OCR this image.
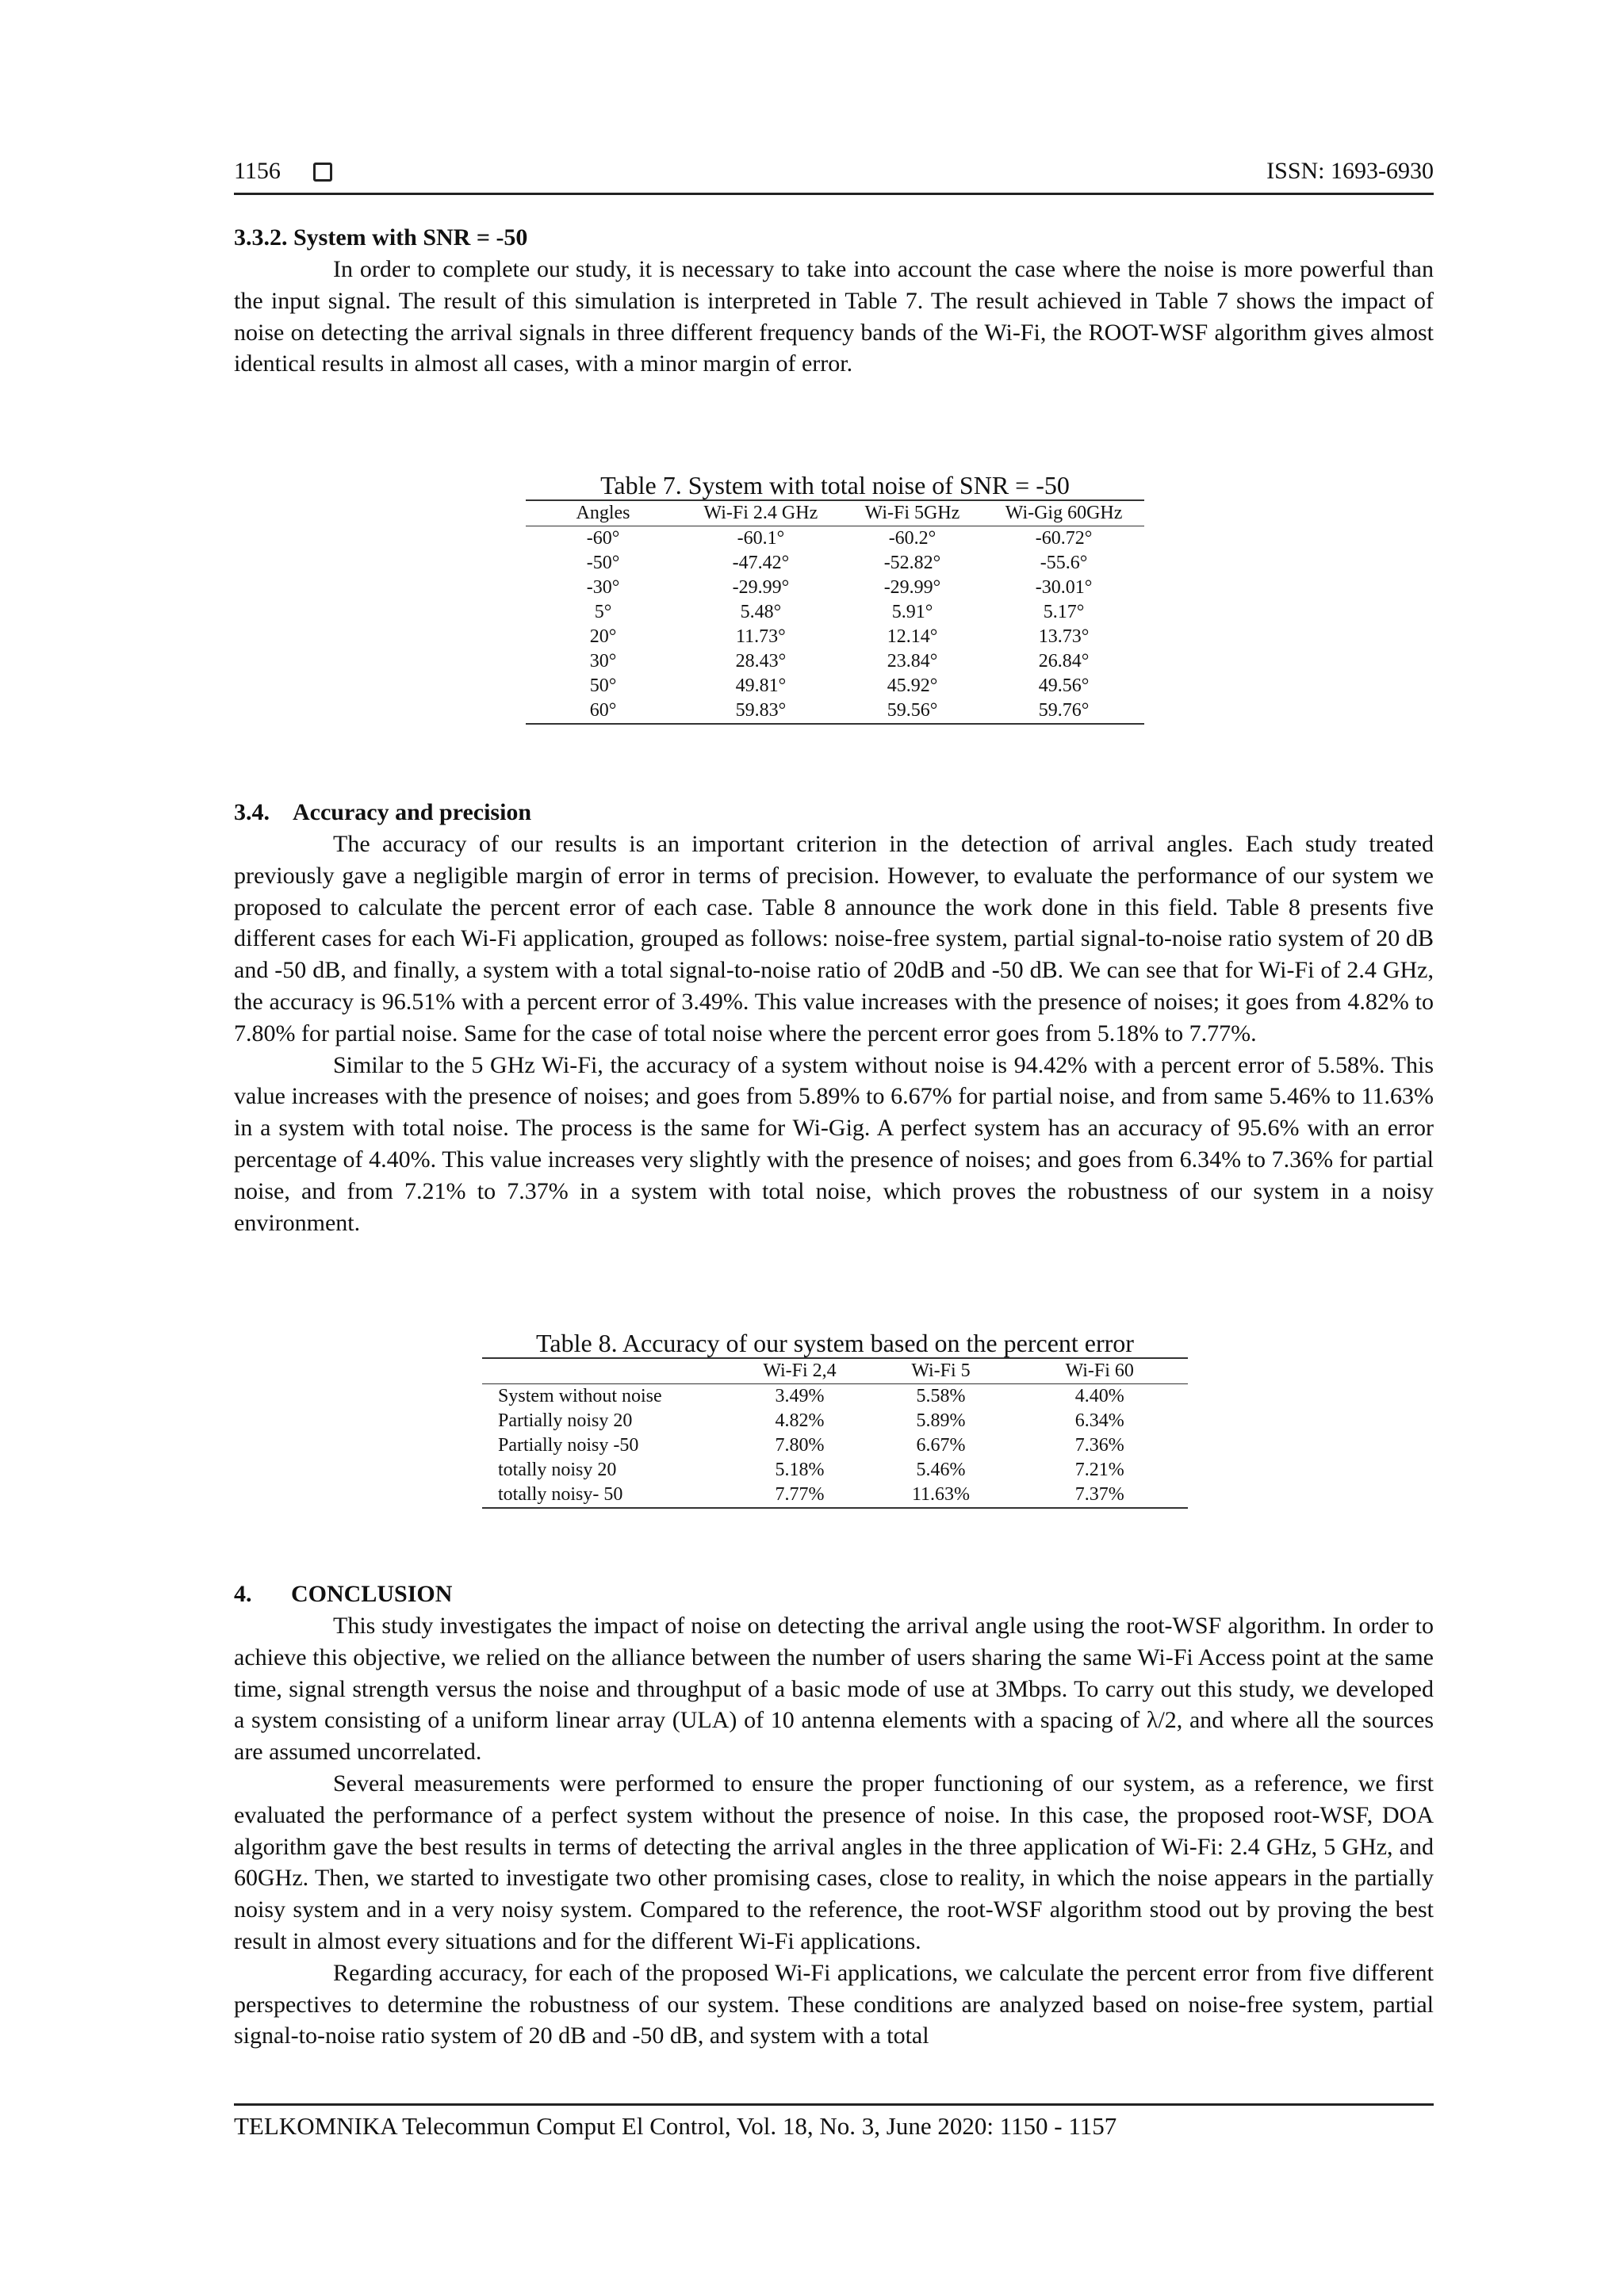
1156	ISSN: 1693-6930
3.3.2. System with SNR = -50

In order to complete our study, it is necessary to take into account the case where the noise is more powerful than the input signal. The result of this simulation is interpreted in Table 7. The result achieved in Table 7 shows the impact of noise on detecting the arrival signals in three different frequency bands of the Wi-Fi, the ROOT-WSF algorithm gives almost identical results in almost all cases, with a minor margin of error.

Table 7. System with total noise of SNR = -50
Angles	Wi-Fi 2.4 GHz	Wi-Fi 5GHz	Wi-Gig 60GHz
-60°	-60.1°	-60.2°	-60.72°
-50°	-47.42°	-52.82°	-55.6°
-30°	-29.99°	-29.99°	-30.01°
5°	5.48°	5.91°	5.17°
20°	11.73°	12.14°	13.73°
30°	28.43°	23.84°	26.84°
50°	49.81°	45.92°	49.56°
60°	59.83°	59.56°	59.76°
3.4. Accuracy and precision

The accuracy of our results is an important criterion in the detection of arrival angles. Each study treated previously gave a negligible margin of error in terms of precision. However, to evaluate the performance of our system we proposed to calculate the percent error of each case. Table 8 announce the work done in this field. Table 8 presents five different cases for each Wi-Fi application, grouped as follows: noise-free system, partial signal-to-noise ratio system of 20 dB and -50 dB, and finally, a system with a total signal-to-noise ratio of 20dB and -50 dB. We can see that for Wi-Fi of 2.4 GHz, the accuracy is 96.51% with a percent error of 3.49%. This value increases with the presence of noises; it goes from 4.82% to 7.80% for partial noise. Same for the case of total noise where the percent error goes from 5.18% to 7.77%.

Similar to the 5 GHz Wi-Fi, the accuracy of a system without noise is 94.42% with a percent error of 5.58%. This value increases with the presence of noises; and goes from 5.89% to 6.67% for partial noise, and from same 5.46% to 11.63% in a system with total noise. The process is the same for Wi-Gig. A perfect system has an accuracy of 95.6% with an error percentage of 4.40%. This value increases very slightly with the presence of noises; and goes from 6.34% to 7.36% for partial noise, and from 7.21% to 7.37% in a system with total noise, which proves the robustness of our system in a noisy environment.

Table 8. Accuracy of our system based on the percent error
	Wi-Fi 2,4	Wi-Fi 5	Wi-Fi 60
System without noise	3.49%	5.58%	4.40%
Partially noisy 20	4.82%	5.89%	6.34%
Partially noisy -50	7.80%	6.67%	7.36%
totally noisy 20	5.18%	5.46%	7.21%
totally noisy- 50	7.77%	11.63%	7.37%
4. CONCLUSION

This study investigates the impact of noise on detecting the arrival angle using the root-WSF algorithm. In order to achieve this objective, we relied on the alliance between the number of users sharing the same Wi-Fi Access point at the same time, signal strength versus the noise and throughput of a basic mode of use at 3Mbps. To carry out this study, we developed a system consisting of a uniform linear array (ULA) of 10 antenna elements with a spacing of λ/2, and where all the sources are assumed uncorrelated.

Several measurements were performed to ensure the proper functioning of our system, as a reference, we first evaluated the performance of a perfect system without the presence of noise. In this case, the proposed root-WSF, DOA algorithm gave the best results in terms of detecting the arrival angles in the three application of Wi-Fi: 2.4 GHz, 5 GHz, and 60GHz. Then, we started to investigate two other promising cases, close to reality, in which the noise appears in the partially noisy system and in a very noisy system. Compared to the reference, the root-WSF algorithm stood out by proving the best result in almost every situations and for the different Wi-Fi applications.

Regarding accuracy, for each of the proposed Wi-Fi applications, we calculate the percent error from five different perspectives to determine the robustness of our system. These conditions are analyzed based on noise-free system, partial signal-to-noise ratio system of 20 dB and -50 dB, and system with a total

TELKOMNIKA Telecommun Comput El Control, Vol. 18, No. 3, June 2020: 1150 - 1157
